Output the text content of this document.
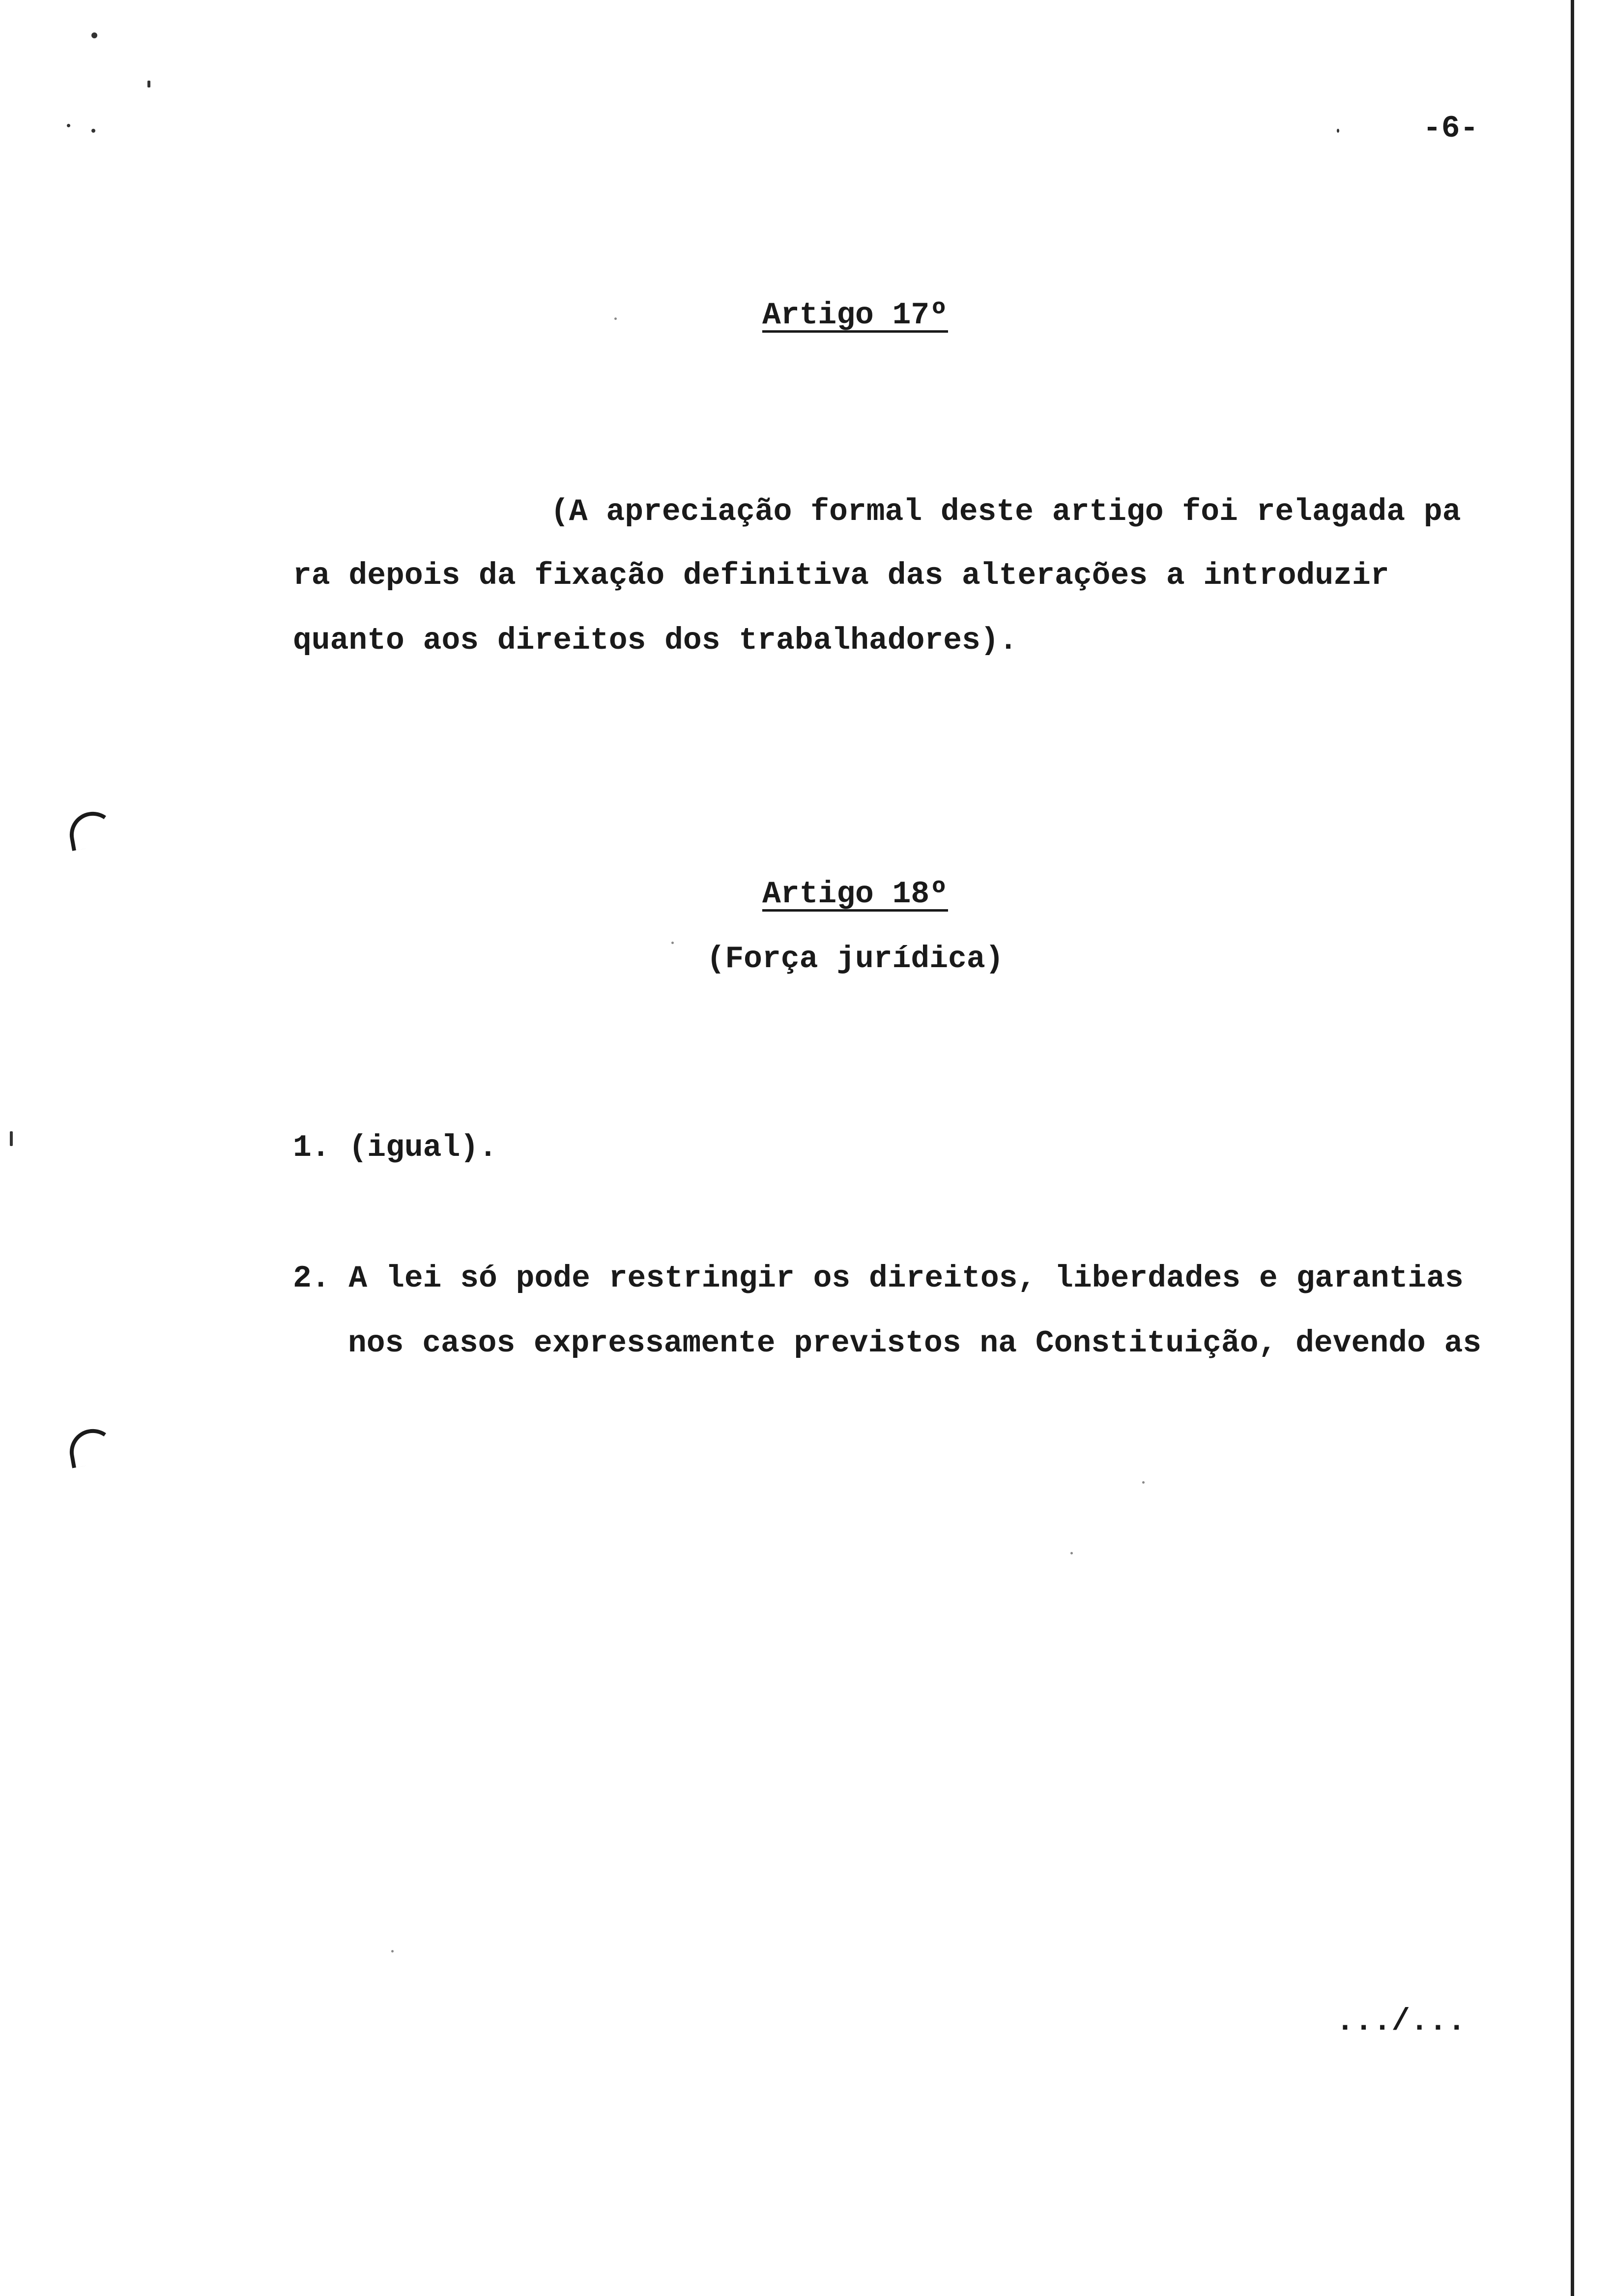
-6-
Artigo 17º
(A apreciação formal deste artigo foi relagada pa
ra depois da fixação definitiva das alterações a introduzir
quanto aos direitos dos trabalhadores).
Artigo 18º
(Força jurídica)
1. (igual).
2. A lei só pode restringir os direitos, liberdades e garantias
nos casos expressamente previstos na Constituição, devendo as
.../...
